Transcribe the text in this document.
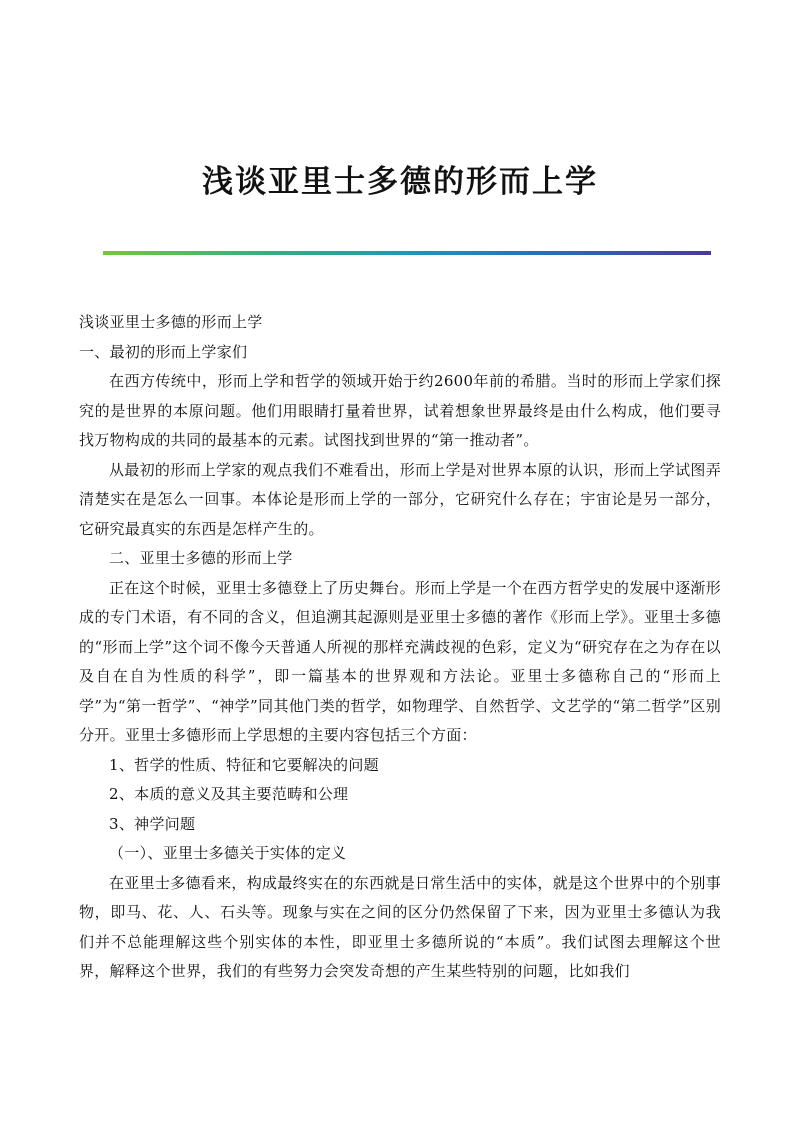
浅谈亚里士多德的形而上学

浅谈亚里士多德的形而上学

一、最初的形而上学家们

在西方传统中，形而上学和哲学的领域开始于约2600年前的希腊。当时的形而上学家们探究的是世界的本原问题。他们用眼睛打量着世界，试着想象世界最终是由什么构成，他们要寻找万物构成的共同的最基本的元素。试图找到世界的“第一推动者”。

从最初的形而上学家的观点我们不难看出，形而上学是对世界本原的认识，形而上学试图弄清楚实在是怎么一回事。本体论是形而上学的一部分，它研究什么存在；宇宙论是另一部分，它研究最真实的东西是怎样产生的。

二、亚里士多德的形而上学

正在这个时候，亚里士多德登上了历史舞台。形而上学是一个在西方哲学史的发展中逐渐形成的专门术语，有不同的含义，但追溯其起源则是亚里士多德的著作《形而上学》。亚里士多德的“形而上学”这个词不像今天普通人所视的那样充满歧视的色彩，定义为“研究存在之为存在以及自在自为性质的科学”，即一篇基本的世界观和方法论。亚里士多德称自己的“形而上学”为“第一哲学”、“神学”同其他门类的哲学，如物理学、自然哲学、文艺学的“第二哲学”区别分开。亚里士多德形而上学思想的主要内容包括三个方面：

1、哲学的性质、特征和它要解决的问题

2、本质的意义及其主要范畴和公理

3、神学问题

（一）、亚里士多德关于实体的定义

在亚里士多德看来，构成最终实在的东西就是日常生活中的实体，就是这个世界中的个别事物，即马、花、人、石头等。现象与实在之间的区分仍然保留了下来，因为亚里士多德认为我们并不总能理解这些个别实体的本性，即亚里士多德所说的“本质”。我们试图去理解这个世界，解释这个世界，我们的有些努力会突发奇想的产生某些特别的问题，比如我们
